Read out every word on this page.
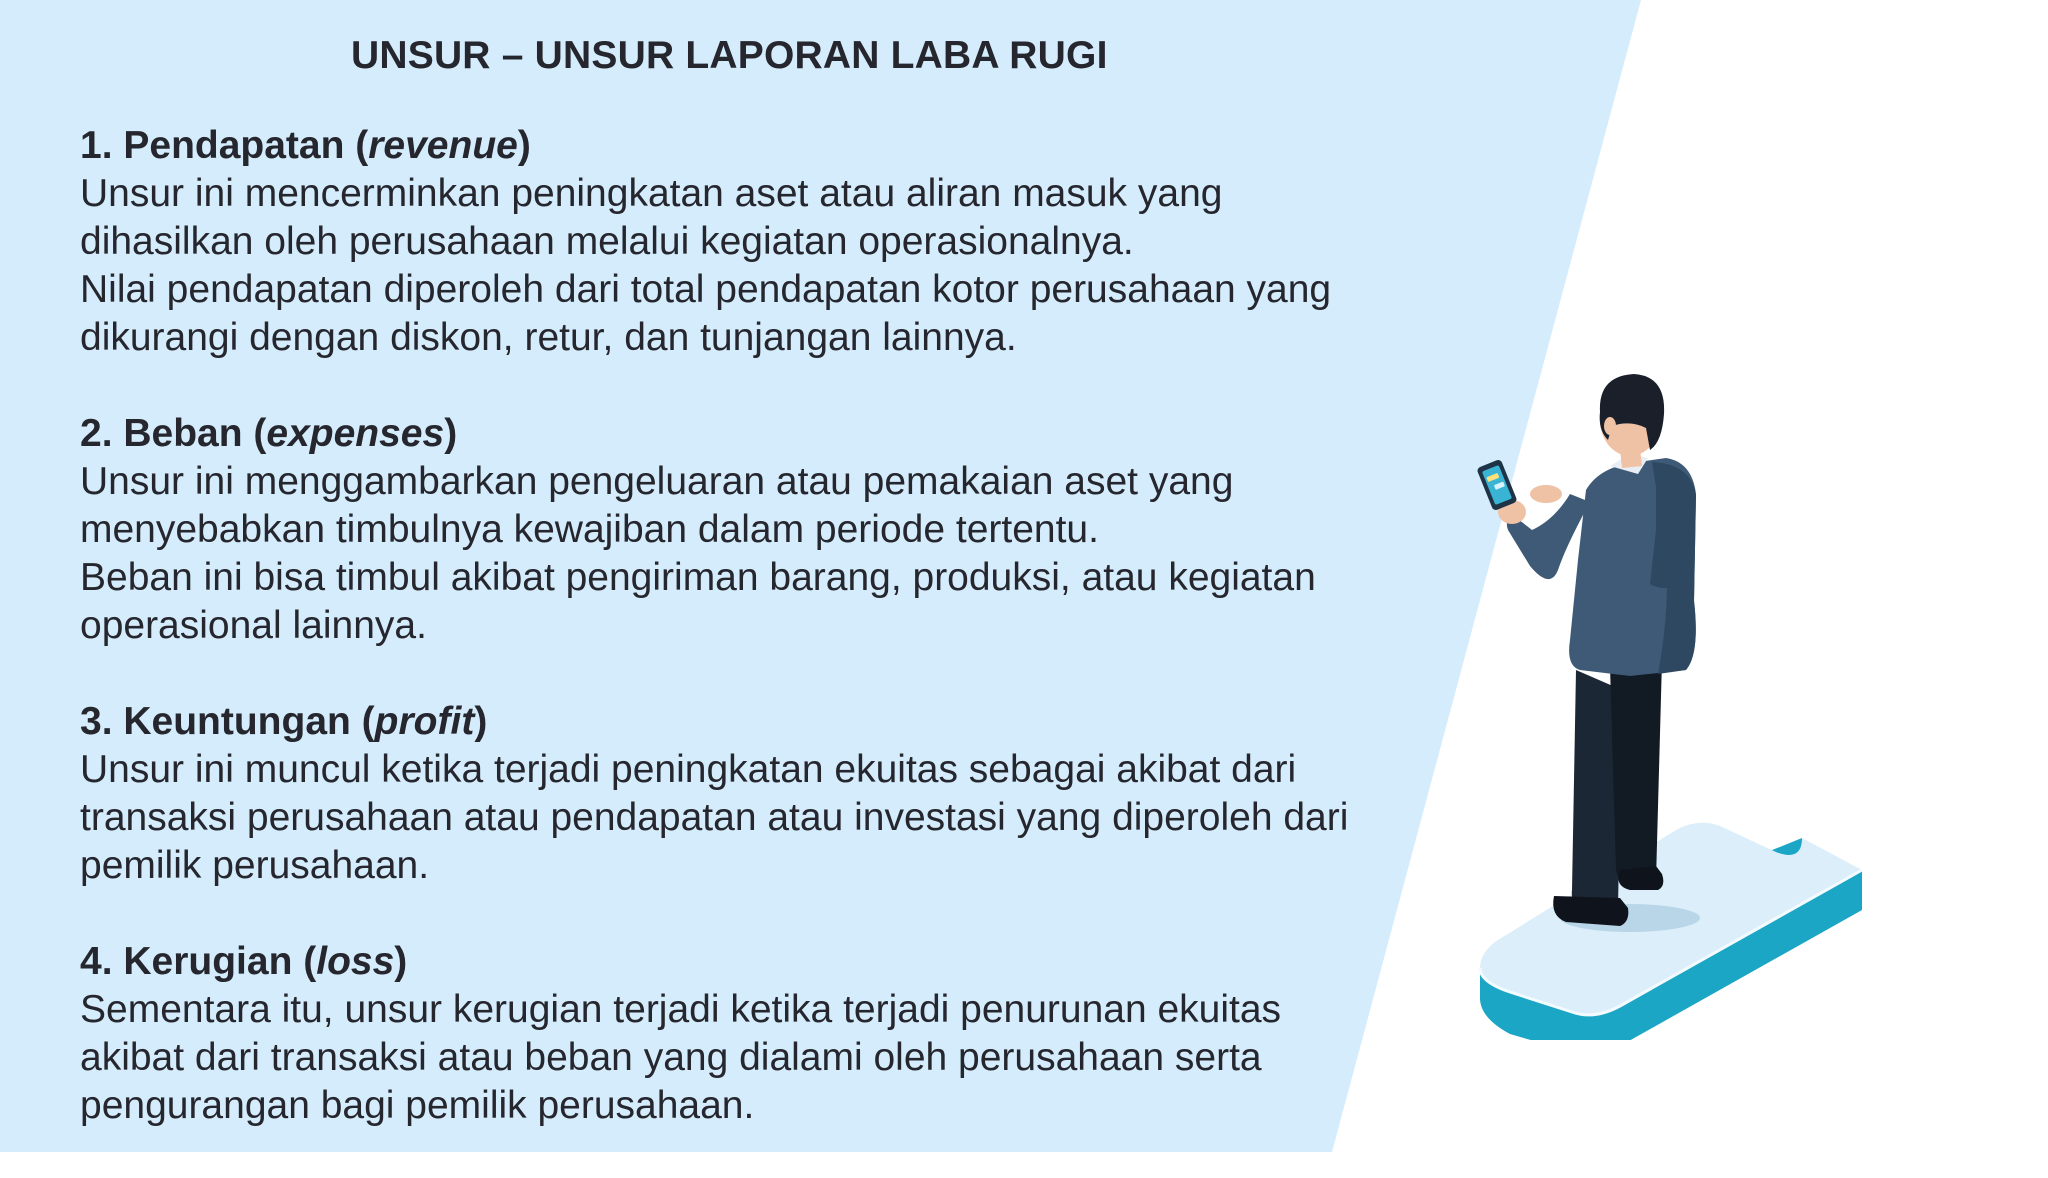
UNSUR – UNSUR LAPORAN LABA RUGI
1. Pendapatan (revenue)
Unsur ini mencerminkan peningkatan aset atau aliran masuk yang
dihasilkan oleh perusahaan melalui kegiatan operasionalnya.
Nilai pendapatan diperoleh dari total pendapatan kotor perusahaan yang
dikurangi dengan diskon, retur, dan tunjangan lainnya.
2. Beban (expenses)
Unsur ini menggambarkan pengeluaran atau pemakaian aset yang
menyebabkan timbulnya kewajiban dalam periode tertentu.
Beban ini bisa timbul akibat pengiriman barang, produksi, atau kegiatan
operasional lainnya.
3. Keuntungan (profit)
Unsur ini muncul ketika terjadi peningkatan ekuitas sebagai akibat dari
transaksi perusahaan atau pendapatan atau investasi yang diperoleh dari
pemilik perusahaan.
4. Kerugian (loss)
Sementara itu, unsur kerugian terjadi ketika terjadi penurunan ekuitas
akibat dari transaksi atau beban yang dialami oleh perusahaan serta
pengurangan bagi pemilik perusahaan.
